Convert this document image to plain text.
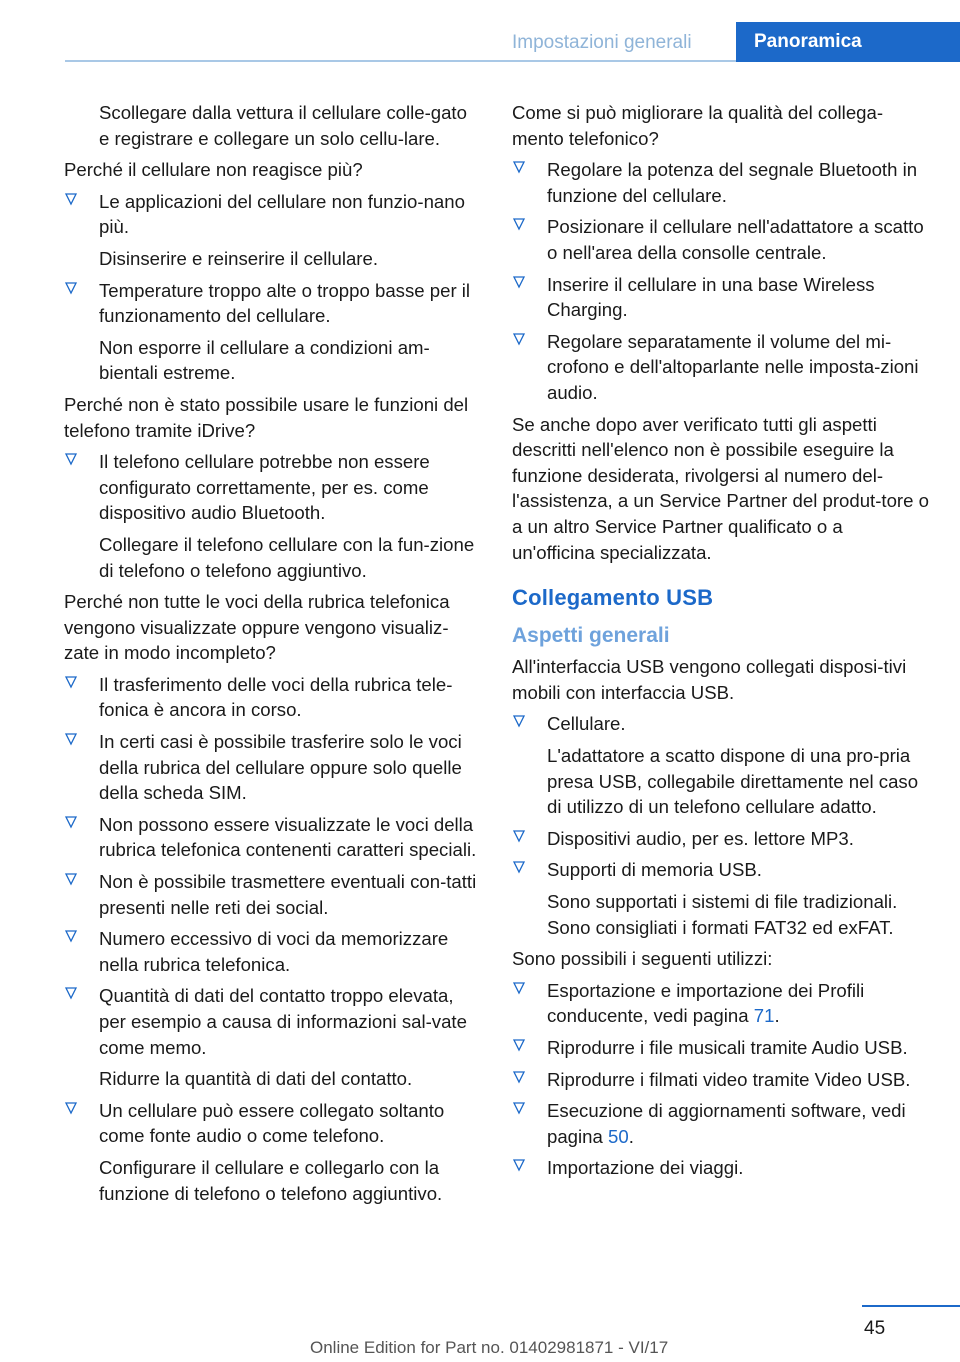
Impostazioni generali	Panoramica
Scollegare dalla vettura il cellulare colle-gato e registrare e collegare un solo cellu-lare.
Perché il cellulare non reagisce più?
Le applicazioni del cellulare non funzio-nano più.
Disinserire e reinserire il cellulare.
Temperature troppo alte o troppo basse per il funzionamento del cellulare.
Non esporre il cellulare a condizioni am-bientali estreme.
Perché non è stato possibile usare le funzioni del telefono tramite iDrive?
Il telefono cellulare potrebbe non essere configurato correttamente, per es. come dispositivo audio Bluetooth.
Collegare il telefono cellulare con la fun-zione di telefono o telefono aggiuntivo.
Perché non tutte le voci della rubrica telefonica vengono visualizzate oppure vengono visualiz-zate in modo incompleto?
Il trasferimento delle voci della rubrica tele-fonica è ancora in corso.
In certi casi è possibile trasferire solo le voci della rubrica del cellulare oppure solo quelle della scheda SIM.
Non possono essere visualizzate le voci della rubrica telefonica contenenti caratteri speciali.
Non è possibile trasmettere eventuali con-tatti presenti nelle reti dei social.
Numero eccessivo di voci da memorizzare nella rubrica telefonica.
Quantità di dati del contatto troppo elevata, per esempio a causa di informazioni sal-vate come memo.
Ridurre la quantità di dati del contatto.
Un cellulare può essere collegato soltanto come fonte audio o come telefono.
Configurare il cellulare e collegarlo con la funzione di telefono o telefono aggiuntivo.
Come si può migliorare la qualità del collega-mento telefonico?
Regolare la potenza del segnale Bluetooth in funzione del cellulare.
Posizionare il cellulare nell'adattatore a scatto o nell'area della consolle centrale.
Inserire il cellulare in una base Wireless Charging.
Regolare separatamente il volume del mi-crofono e dell'altoparlante nelle imposta-zioni audio.
Se anche dopo aver verificato tutti gli aspetti descritti nell'elenco non è possibile eseguire la funzione desiderata, rivolgersi al numero del-l'assistenza, a un Service Partner del produt-tore o a un altro Service Partner qualificato o a un'officina specializzata.
Collegamento USB
Aspetti generali
All'interfaccia USB vengono collegati disposi-tivi mobili con interfaccia USB.
Cellulare.
L'adattatore a scatto dispone di una pro-pria presa USB, collegabile direttamente nel caso di utilizzo di un telefono cellulare adatto.
Dispositivi audio, per es. lettore MP3.
Supporti di memoria USB.
Sono supportati i sistemi di file tradizionali. Sono consigliati i formati FAT32 ed exFAT.
Sono possibili i seguenti utilizzi:
Esportazione e importazione dei Profili conducente, vedi pagina 71.
Riprodurre i file musicali tramite Audio USB.
Riprodurre i filmati video tramite Video USB.
Esecuzione di aggiornamenti software, vedi pagina 50.
Importazione dei viaggi.
45
Online Edition for Part no. 01402981871 - VI/17
